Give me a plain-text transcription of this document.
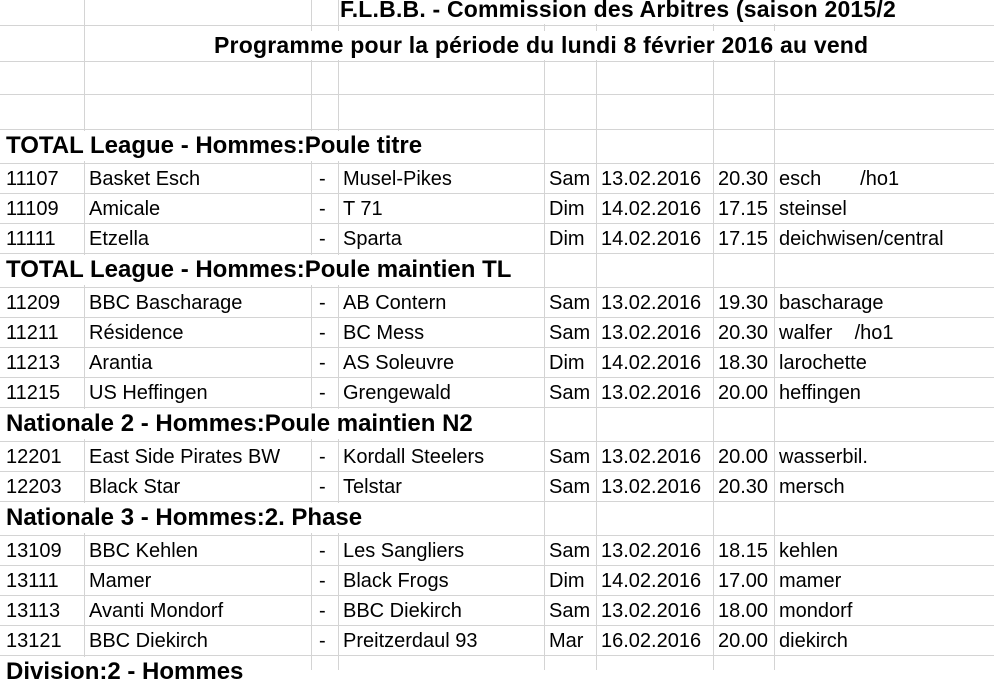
F.L.B.B. - Commission des Arbitres (saison 2015/2
Programme pour la période du lundi 8 février 2016 au vend
TOTAL League - Hommes:Poule titre
11107 Basket Esch	- Musel-Pikes	Sam 13.02.2016 20.30 esch       /ho1
11109 Amicale	- T 71	Dim 14.02.2016 17.15 steinsel
11111 Etzella	- Sparta	Dim 14.02.2016 17.15 deichwisen/central
TOTAL League - Hommes:Poule maintien TL
11209 BBC Bascharage	- AB Contern	Sam 13.02.2016 19.30 bascharage
11211 Résidence	- BC Mess	Sam 13.02.2016 20.30 walfer    /ho1
11213 Arantia	- AS Soleuvre	Dim 14.02.2016 18.30 larochette
11215 US Heffingen	- Grengewald	Sam 13.02.2016 20.00 heffingen
Nationale 2 - Hommes:Poule maintien N2
12201 East Side Pirates BW - Kordall Steelers	Sam 13.02.2016 20.00 wasserbil.
12203 Black Star	- Telstar	Sam 13.02.2016 20.30 mersch
Nationale 3 - Hommes:2. Phase
13109 BBC Kehlen	- Les Sangliers	Sam 13.02.2016 18.15 kehlen
13111 Mamer	- Black Frogs	Dim 14.02.2016 17.00 mamer
13113 Avanti Mondorf	- BBC Diekirch	Sam 13.02.2016 18.00 mondorf
13121 BBC Diekirch	- Preitzerdaul 93	Mar 16.02.2016 20.00 diekirch
Division:2 - Hommes
